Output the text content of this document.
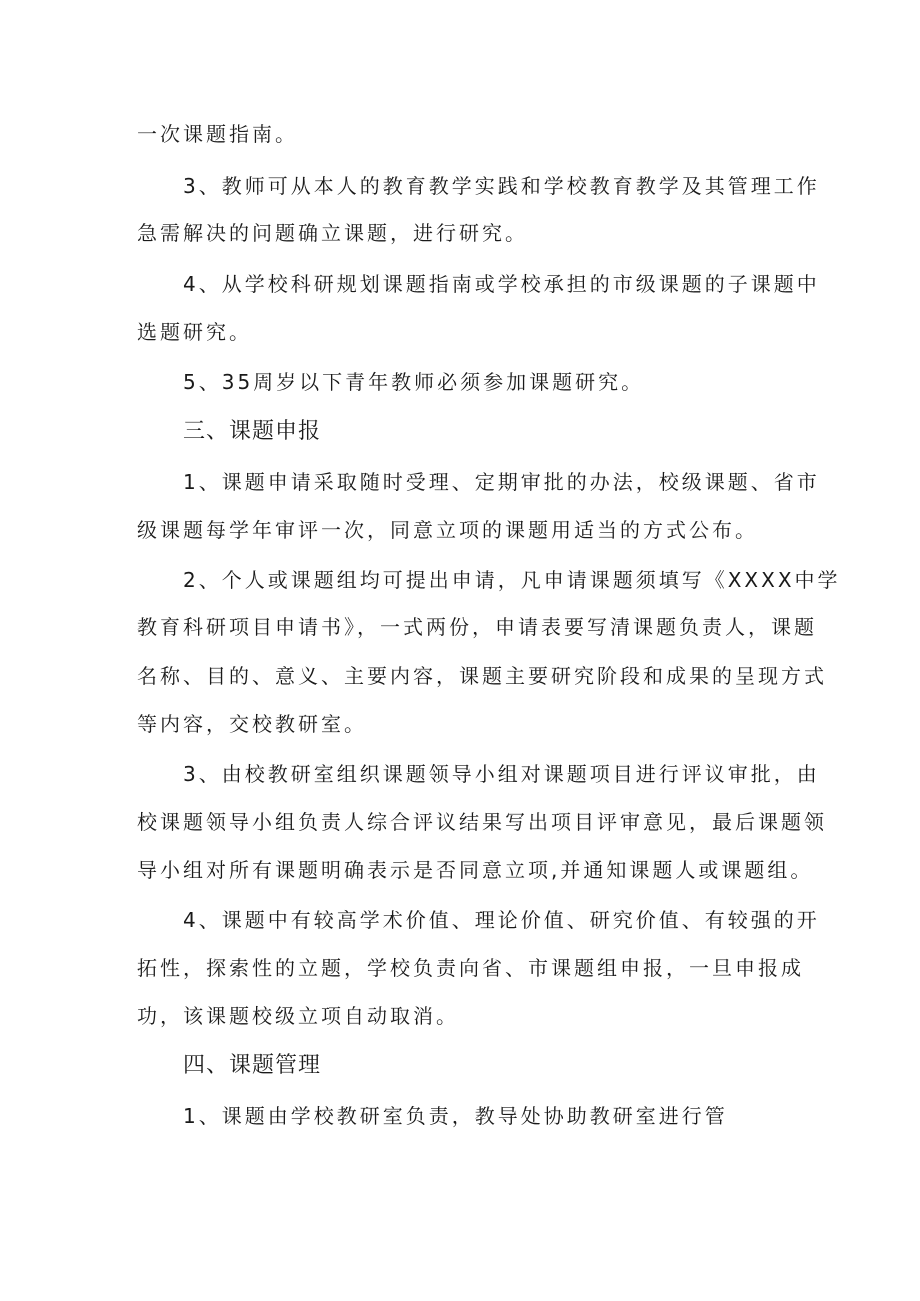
一次课题指南。
3、教师可从本人的教育教学实践和学校教育教学及其管理工作
急需解决的问题确立课题，进行研究。
4、从学校科研规划课题指南或学校承担的市级课题的子课题中
选题研究。
5、35周岁以下青年教师必须参加课题研究。
三、课题申报
1、课题申请采取随时受理、定期审批的办法，校级课题、省市
级课题每学年审评一次，同意立项的课题用适当的方式公布。
2、个人或课题组均可提出申请，凡申请课题须填写《XXXX中学
教育科研项目申请书》，一式两份，申请表要写清课题负责人，课题
名称、目的、意义、主要内容，课题主要研究阶段和成果的呈现方式
等内容，交校教研室。
3、由校教研室组织课题领导小组对课题项目进行评议审批，由
校课题领导小组负责人综合评议结果写出项目评审意见，最后课题领
导小组对所有课题明确表示是否同意立项,并通知课题人或课题组。
4、课题中有较高学术价值、理论价值、研究价值、有较强的开
拓性，探索性的立题，学校负责向省、市课题组申报，一旦申报成
功，该课题校级立项自动取消。
四、课题管理
1、课题由学校教研室负责，教导处协助教研室进行管
